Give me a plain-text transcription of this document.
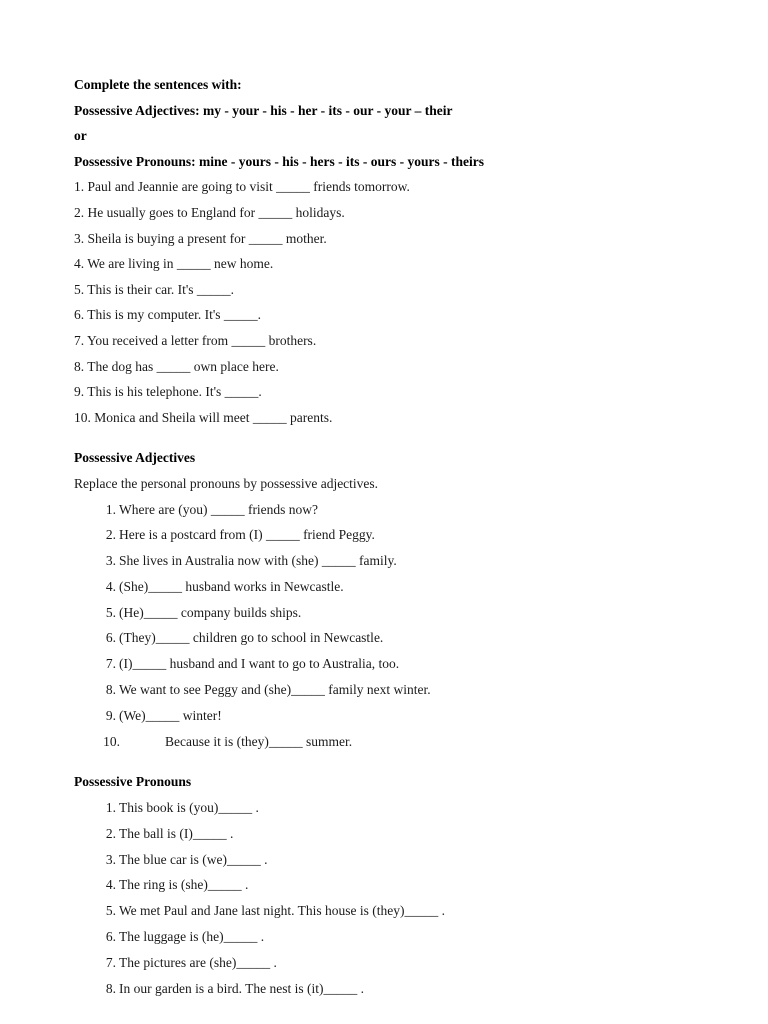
Complete the sentences with:
Possessive Adjectives: my - your - his - her - its - our - your – their
or
Possessive Pronouns: mine - yours - his - hers - its - ours - yours - theirs
1. Paul and Jeannie are going to visit _____ friends tomorrow.
2. He usually goes to England for _____ holidays.
3. Sheila is buying a present for _____ mother.
4. We are living in _____ new home.
5. This is their car. It's _____.
6. This is my computer. It's _____.
7. You received a letter from _____ brothers.
8. The dog has _____ own place here.
9. This is his telephone. It's _____.
10. Monica and Sheila will meet _____ parents.
Possessive Adjectives
Replace the personal pronouns by possessive adjectives.
1. Where are (you) _____ friends now?
2. Here is a postcard from (I) _____ friend Peggy.
3. She lives in Australia now with (she) _____ family.
4. (She)_____ husband works in Newcastle.
5. (He)_____ company builds ships.
6. (They)_____ children go to school in Newcastle.
7. (I)_____ husband and I want to go to Australia, too.
8. We want to see Peggy and (she)_____ family next winter.
9. (We)_____ winter!
10.	Because it is (they)_____ summer.
Possessive Pronouns
1. This book is (you)_____ .
2. The ball is (I)_____ .
3. The blue car is (we)_____ .
4. The ring is (she)_____ .
5. We met Paul and Jane last night. This house is (they)_____ .
6. The luggage is (he)_____ .
7. The pictures are (she)_____ .
8. In our garden is a bird. The nest is (it)_____ .
